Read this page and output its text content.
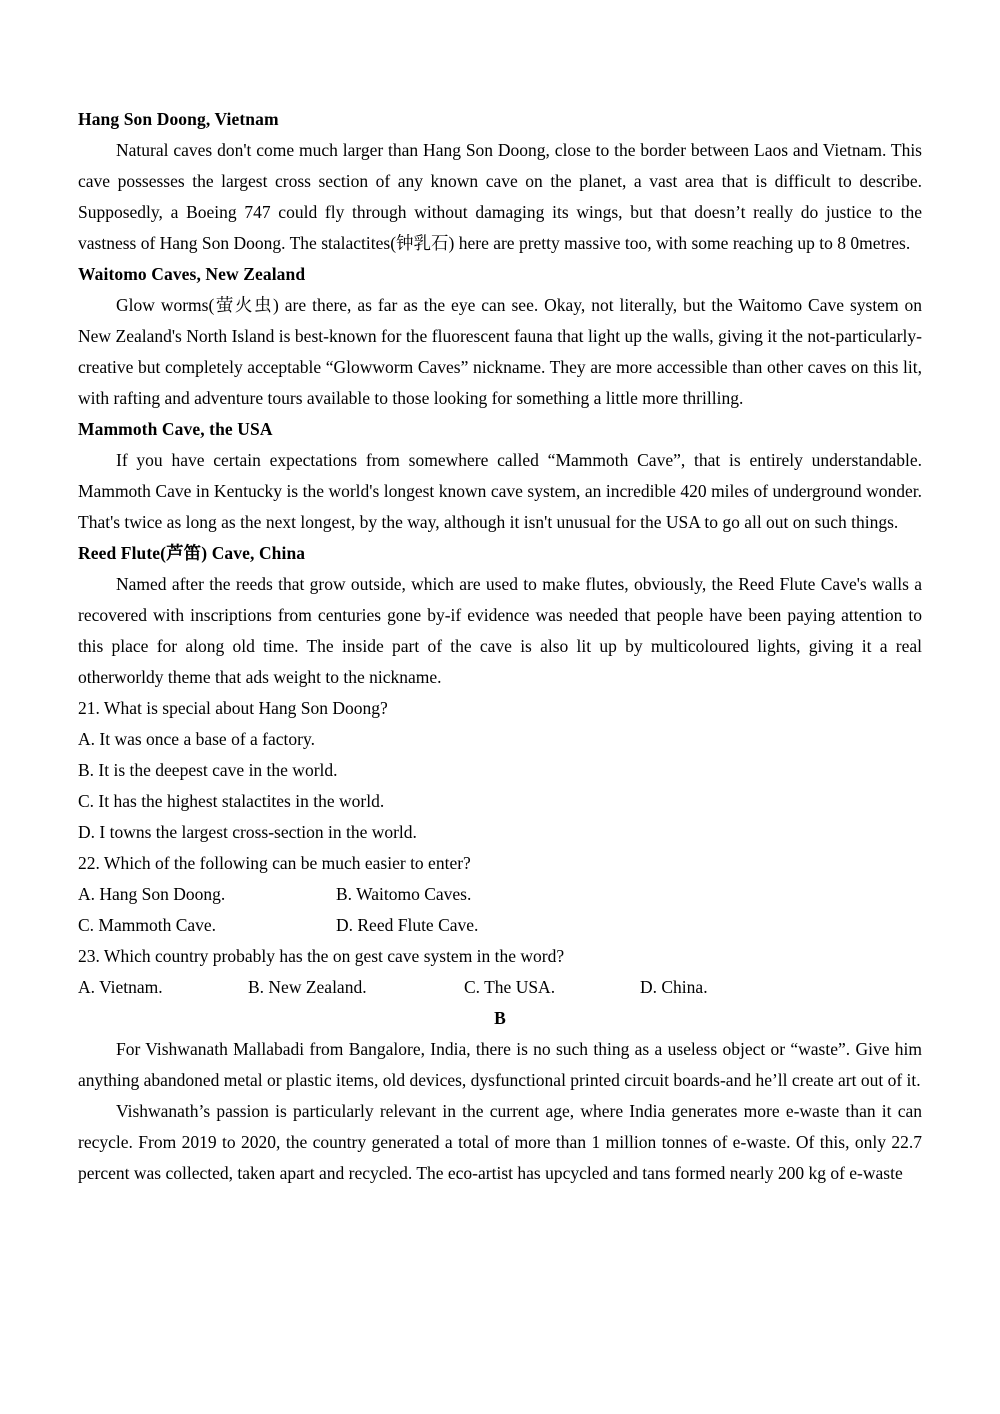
Hang Son Doong, Vietnam

Natural caves don't come much larger than Hang Son Doong, close to the border between Laos and Vietnam. This cave possesses the largest cross section of any known cave on the planet, a vast area that is difficult to describe. Supposedly, a Boeing 747 could fly through without damaging its wings, but that doesn’t really do justice to the vastness of Hang Son Doong. The stalactites(钟乳石) here are pretty massive too, with some reaching up to 8 0metres.

Waitomo Caves, New Zealand

Glow worms(萤火虫) are there, as far as the eye can see. Okay, not literally, but the Waitomo Cave system on New Zealand's North Island is best-known for the fluorescent fauna that light up the walls, giving it the not-particularly-creative but completely acceptable “Glowworm Caves” nickname. They are more accessible than other caves on this lit, with rafting and adventure tours available to those looking for something a little more thrilling.

Mammoth Cave, the USA

If you have certain expectations from somewhere called “Mammoth Cave”, that is entirely understandable. Mammoth Cave in Kentucky is the world's longest known cave system, an incredible 420 miles of underground wonder. That's twice as long as the next longest, by the way, although it isn't unusual for the USA to go all out on such things.

Reed Flute(芦笛) Cave, China

Named after the reeds that grow outside, which are used to make flutes, obviously, the Reed Flute Cave's walls a recovered with inscriptions from centuries gone by-if evidence was needed that people have been paying attention to this place for along old time. The inside part of the cave is also lit up by multicoloured lights, giving it a real otherworldy theme that ads weight to the nickname.

21. What is special about Hang Son Doong?

A. It was once a base of a factory.

B. It is the deepest cave in the world.

C. It has the highest stalactites in the world.

D. I towns the largest cross-section in the world.

22. Which of the following can be much easier to enter?

A. Hang Son Doong.	B. Waitomo Caves.
C. Mammoth Cave.	D. Reed Flute Cave.

23. Which country probably has the on gest cave system in the word?

A. Vietnam.	B. New Zealand.	C. The USA.	D. China.

B

For Vishwanath Mallabadi from Bangalore, India, there is no such thing as a useless object or “waste”. Give him anything abandoned metal or plastic items, old devices, dysfunctional printed circuit boards-and he’ll create art out of it.

Vishwanath’s passion is particularly relevant in the current age, where India generates more e-waste than it can recycle. From 2019 to 2020, the country generated a total of more than 1 million tonnes of e-waste. Of this, only 22.7 percent was collected, taken apart and recycled. The eco-artist has upcycled and tans formed nearly 200 kg of e-waste
